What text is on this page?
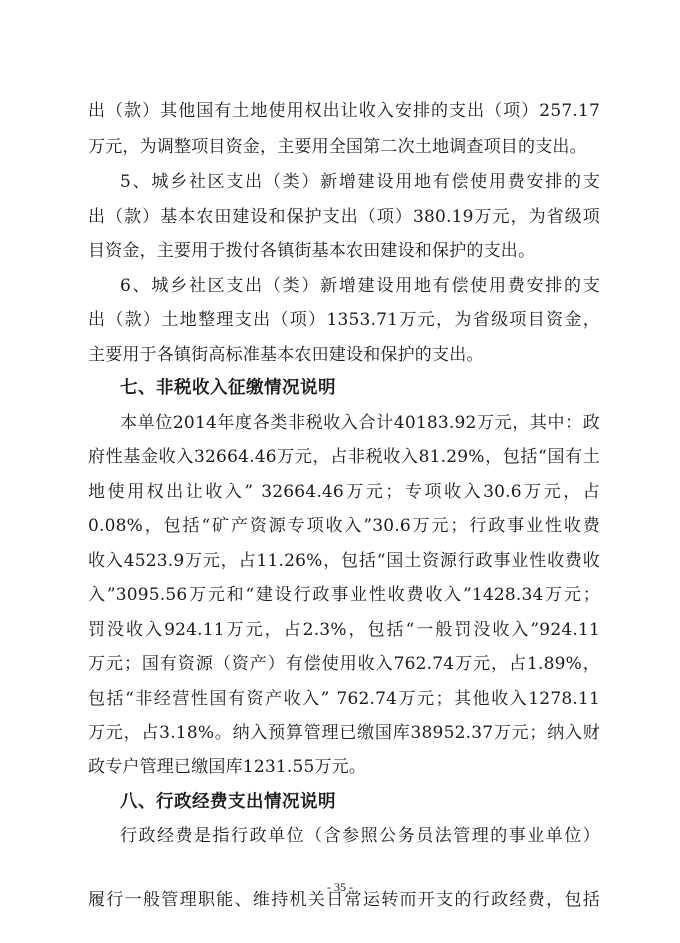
出（款）其他国有土地使用权出让收入安排的支出（项）257.17
万元，为调整项目资金，主要用全国第二次土地调查项目的支出。
5、城乡社区支出（类）新增建设用地有偿使用费安排的支
出（款）基本农田建设和保护支出（项）380.19万元，为省级项
目资金，主要用于拨付各镇街基本农田建设和保护的支出。
6、城乡社区支出（类）新增建设用地有偿使用费安排的支
出（款）土地整理支出（项）1353.71万元，为省级项目资金，
主要用于各镇街高标准基本农田建设和保护的支出。
七、非税收入征缴情况说明
本单位2014年度各类非税收入合计40183.92万元，其中：政
府性基金收入32664.46万元，占非税收入81.29%，包括“国有土
地使用权出让收入” 32664.46万元；专项收入30.6万元，占
0.08%，包括“矿产资源专项收入”30.6万元；行政事业性收费
收入4523.9万元，占11.26%，包括“国土资源行政事业性收费收
入”3095.56万元和“建设行政事业性收费收入”1428.34万元；
罚没收入924.11万元，占2.3%，包括“一般罚没收入”924.11
万元；国有资源（资产）有偿使用收入762.74万元，占1.89%，
包括“非经营性国有资产收入” 762.74万元；其他收入1278.11
万元，占3.18%。纳入预算管理已缴国库38952.37万元；纳入财
政专户管理已缴国库1231.55万元。
八、行政经费支出情况说明
行政经费是指行政单位（含参照公务员法管理的事业单位）
- 35 -
履行一般管理职能、维持机关日常运转而开支的行政经费，包括
